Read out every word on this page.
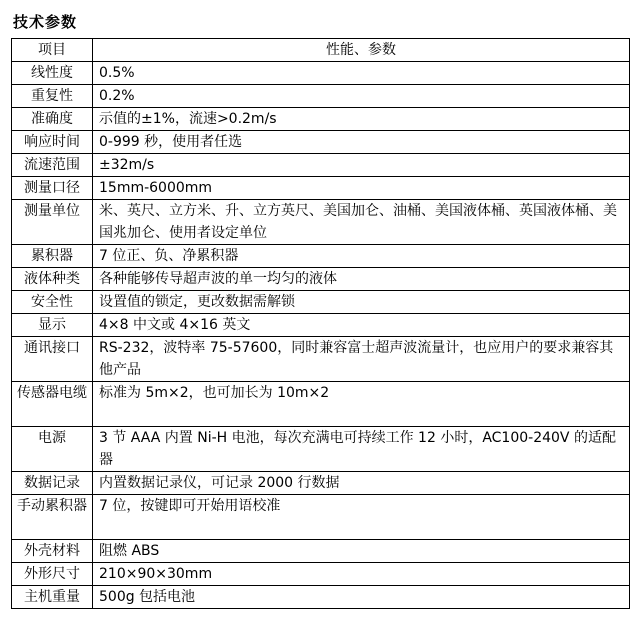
技术参数
项目	性能、参数
线性度	0.5%
重复性	0.2%
准确度	示值的±1%，流速>0.2m/s
响应时间	0-999 秒，使用者任选
流速范围	±32m/s
测量口径	15mm-6000mm
测量单位	米、英尺、立方米、升、立方英尺、美国加仑、油桶、美国液体桶、英国液体桶、美国兆加仑、使用者设定单位
累积器	7 位正、负、净累积器
液体种类	各种能够传导超声波的单一均匀的液体
安全性	设置值的锁定，更改数据需解锁
显示	4×8 中文或 4×16 英文
通讯接口	RS-232，波特率 75-57600，同时兼容富士超声波流量计，也应用户的要求兼容其他产品
传感器电缆	标准为 5m×2，也可加长为 10m×2
电源	3 节 AAA 内置 Ni-H 电池，每次充满电可持续工作 12 小时，AC100-240V 的适配器
数据记录	内置数据记录仪，可记录 2000 行数据
手动累积器	7 位，按键即可开始用语校准
外壳材料	阻燃 ABS
外形尺寸	210×90×30mm
主机重量	500g 包括电池
